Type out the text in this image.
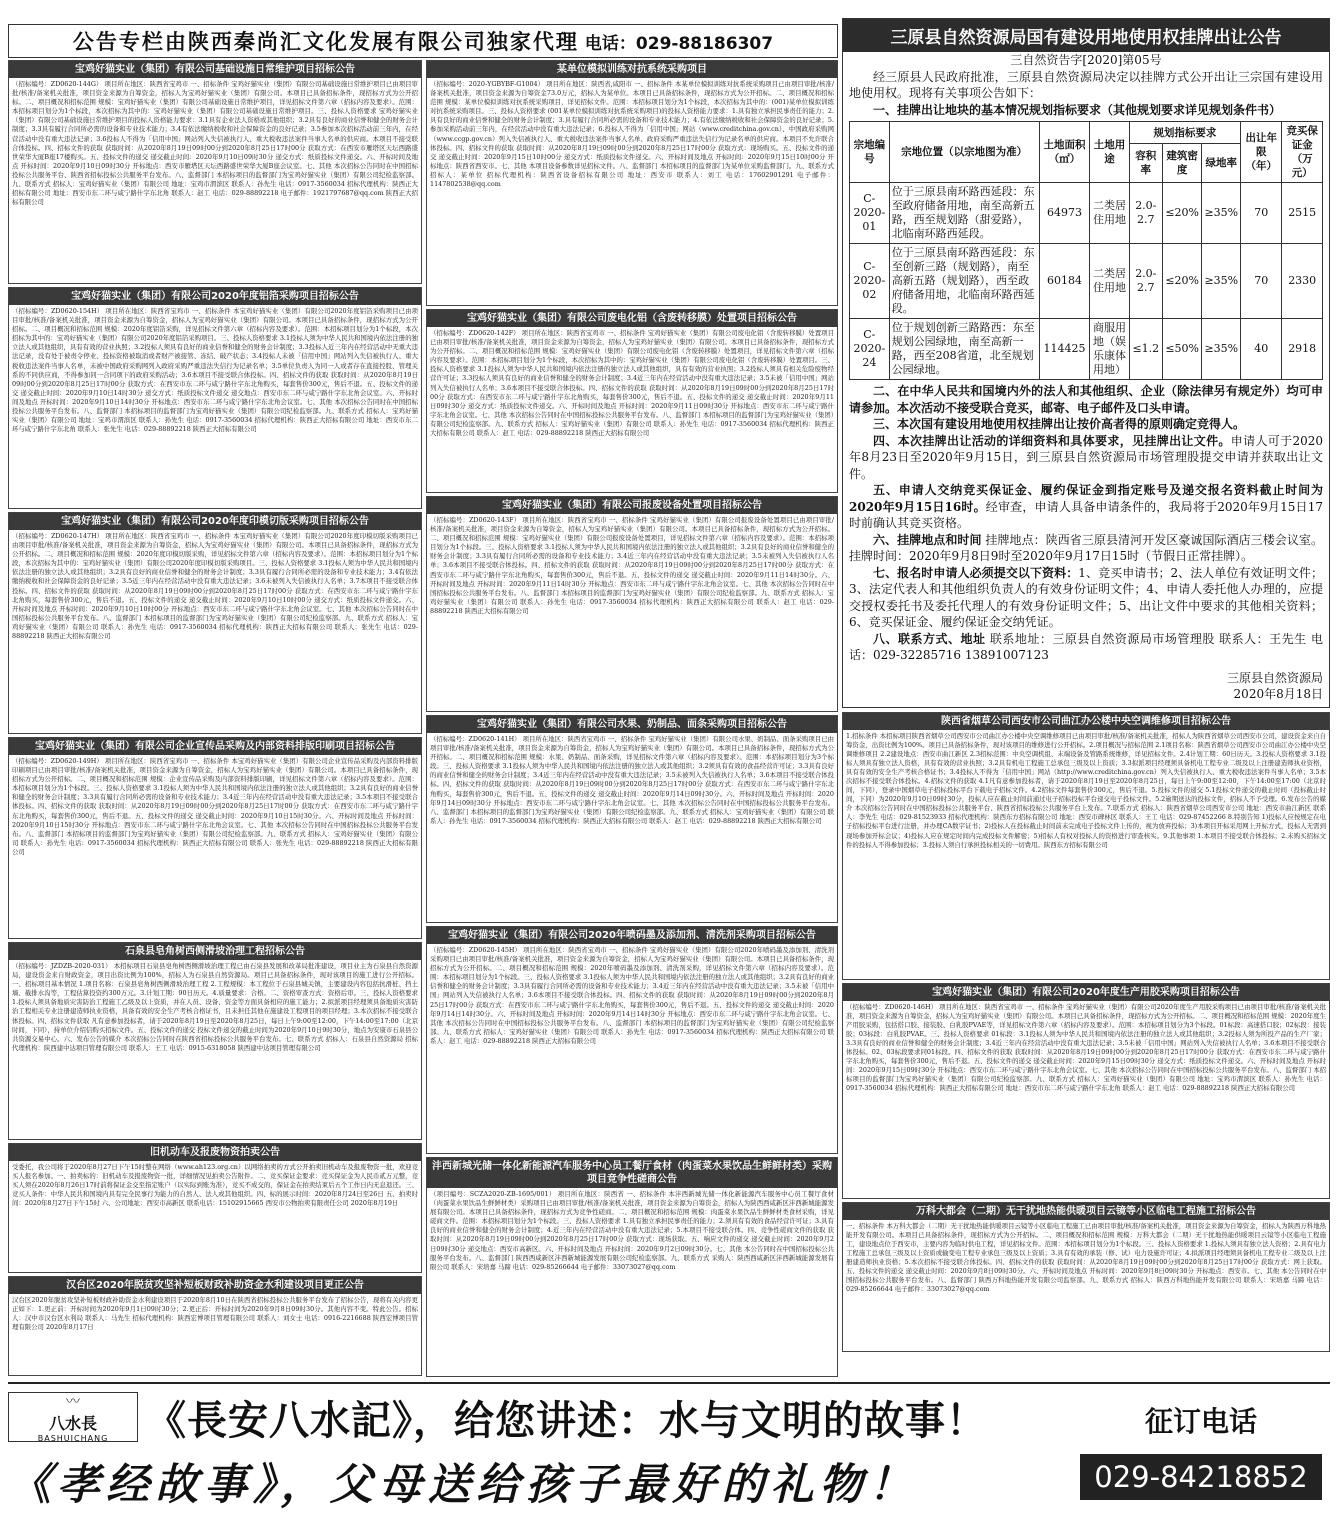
公告专栏由陕西秦尚汇文化发展有限公司独家代理 电话：029-88186307
宝鸡好猫实业（集团）有限公司基础设施日常维护项目招标公告
（招标编号：ZD0620-144G） 项目所在地区：陕西省宝鸡市 一、招标条件 宝鸡好猫实业（集团）有限公司基础设施日常维护项目已由项目审批/核准/备案机关批准，项目资金来源为自筹资金，招标人为宝鸡好猫实业（集团）有限公司。本项目已具备招标条件，现招标方式为公开招标。二、项目概况和招标范围 规模：宝鸡好猫实业（集团）有限公司基础设施日常维护项目，详见招标文件第六章（招标内容及要求）。范围：本招标项目划分为1个标段，本次招标为其中的：宝鸡好猫实业（集团）有限公司基础设施日常维护项目。三、投标人资格要求 宝鸡好猫实业（集团）有限公司基础设施日常维护项目的投标人资格能力要求：3.1具有企业法人资格或其他组织；3.2具有良好的商业信誉和健全的财务会计制度；3.3具有履行合同所必需的设备和专业技术能力；3.4有依法缴纳税收和社会保障资金的良好记录；3.5参加本次招标活动前三年内，在经营活动中没有重大违法记录；3.6投标人不得为「信用中国」网站列入失信被执行人、重大税收违法案件当事人名单的供应商。本项目不接受联合体投标。四、招标文件的获取 获取时间：从2020年8月19日09时00分到2020年8月25日17时00分 获取方式：在西安市雁塔区天坛西路盛世荣华大厦B座17楼购买。五、投标文件的递交 递交截止时间：2020年9月10日09时30分 递交方式：纸质投标文件递交。六、开标时间及地点 开标时间：2020年9月10日09时30分 开标地点：西安市雁塔区天坛西路盛世荣华大厦B座会议室。七、其他 本次招标公告同时在中国招标投标公共服务平台、陕西省招标投标公共服务平台发布。八、监督部门 本招标项目的监督部门为宝鸡好猫实业（集团）有限公司纪检监察部。九、联系方式 招标人：宝鸡好猫实业（集团）有限公司 地址：宝鸡市渭滨区 联系人：孙先生 电话：0917-3560034 招标代理机构：陕西正大招标有限公司 地址：西安市东二环与咸宁路什字东北角 联系人：赵工 电话：029-88892218 电子邮件：1921797687@qq.com 陕西正大招标有限公司
宝鸡好猫实业（集团）有限公司2020年度铝箔采购项目招标公告
（招标编号：ZD0620-154H） 项目所在地区：陕西省宝鸡市 一、招标条件 本宝鸡好猫实业（集团）有限公司2020年度铝箔采购项目已由项目审批/核准/备案机关批准，项目资金来源为自筹资金，招标人为宝鸡好猫实业（集团）有限公司。本项目已具备招标条件，现招标方式为公开招标。二、项目概况和招标范围 规模：2020年度铝箔采购，详见招标文件第六章（招标内容及要求）。范围：本招标项目划分为1个标段，本次招标为其中的：宝鸡好猫实业（集团）有限公司2020年度铝箔采购项目。三、投标人资格要求 3.1投标人须为中华人民共和国境内依法注册的独立法人或其他组织，具有有效的营业执照；3.2投标人须具有良好的商业信誉和健全的财务会计制度；3.3投标人近三年内在经营活动中无重大违法记录，没有处于被责令停业、投标资格被取消或者财产被接管、冻结、破产状态；3.4投标人未被「信用中国」网站列入失信被执行人、重大税收违法案件当事人名单，未被中国政府采购网列入政府采购严重违法失信行为记录名单；3.5单位负责人为同一人或者存在直接控股、管理关系的不同供应商，不得参加同一合同项下的政府采购活动；3.6本项目不接受联合体投标。四、招标文件的获取 获取时间：从2020年8月19日09时00分到2020年8月25日17时00分 获取方式：在西安市东二环与咸宁路什字东北角购买，每套售价300元，售后不退。五、投标文件的递交 递交截止时间：2020年9月10日14时30分 递交方式：纸质投标文件递交 递交地点：西安市东二环与咸宁路什字东北角会议室。六、开标时间及地点 开标时间：2020年9月10日14时30分 开标地点：西安市东二环与咸宁路什字东北角会议室。七、其他 本次招标公告同时在中国招标投标公共服务平台发布。八、监督部门 本招标项目的监督部门为宝鸡好猫实业（集团）有限公司纪检监察部。九、联系方式 招标人：宝鸡好猫实业（集团）有限公司 地址：宝鸡市渭滨区 联系人：孙先生 电话：0917-3560034 招标代理机构：陕西正大招标有限公司 地址：西安市东二环与咸宁路什字东北角 联系人：张先生 电话：029-88892218 陕西正大招标有限公司
宝鸡好猫实业（集团）有限公司2020年度印模切版采购项目招标公告
（招标编号：ZD0620-147H） 项目所在地区：陕西省宝鸡市 一、招标条件 本宝鸡好猫实业（集团）有限公司2020年度印模切版采购项目已由项目审批/核准/备案机关批准，项目资金来源为自筹资金，招标人为宝鸡好猫实业（集团）有限公司。本项目已具备招标条件，现招标方式为公开招标。二、项目概况和招标范围 规模：2020年度印模切版采购，详见招标文件第六章（招标内容及要求）。范围：本招标项目划分为1个标段，本次招标为其中的：宝鸡好猫实业（集团）有限公司2020年度印模切版采购项目。三、投标人资格要求 3.1投标人须为中华人民共和国境内依法注册的独立法人或其他组织；3.2具有良好的商业信誉和健全的财务会计制度；3.3具有履行合同所必需的设备和专业技术能力；3.4有依法缴纳税收和社会保障资金的良好记录；3.5近三年内在经营活动中没有重大违法记录；3.6未被列入失信被执行人名单；3.7本项目不接受联合体投标。四、招标文件的获取 获取时间：从2020年8月19日09时00分到2020年8月25日17时00分 获取方式：在西安市东二环与咸宁路什字东北角购买，每套售价300元，售后不退。五、投标文件的递交 递交截止时间：2020年9月10日10时00分 递交方式：纸质投标文件递交。六、开标时间及地点 开标时间：2020年9月10日10时00分 开标地点：西安市东二环与咸宁路什字东北角会议室。七、其他 本次招标公告同时在中国招标投标公共服务平台发布。八、监督部门 本招标项目的监督部门为宝鸡好猫实业（集团）有限公司纪检监察部。九、联系方式 招标人：宝鸡好猫实业（集团）有限公司 联系人：孙先生 电话：0917-3560034 招标代理机构：陕西正大招标有限公司 联系人：张先生 电话：029-88892218 陕西正大招标有限公司
宝鸡好猫实业（集团）有限公司企业宣传品采购及内部资料排版印刷项目招标公告
（招标编号：ZD0620-149H） 项目所在地区：陕西省宝鸡市 一、招标条件 本宝鸡好猫实业（集团）有限公司企业宣传品采购及内部资料排版印刷项目已由项目审批/核准/备案机关批准，项目资金来源为自筹资金，招标人为宝鸡好猫实业（集团）有限公司。本项目已具备招标条件，现招标方式为公开招标。二、项目概况和招标范围 规模：企业宣传品采购及内部资料排版印刷，详见招标文件第六章（招标内容及要求）。范围：本招标项目划分为1个标段。三、投标人资格要求 3.1投标人须为中华人民共和国境内依法注册的独立法人或其他组织；3.2具有良好的商业信誉和健全的财务会计制度；3.3具有履行合同所必需的设备和专业技术能力；3.4近三年内在经营活动中没有重大违法记录；3.5本项目不接受联合体投标。四、招标文件的获取 获取时间：从2020年8月19日09时00分到2020年8月25日17时00分 获取方式：在西安市东二环与咸宁路什字东北角购买，每套售价300元，售后不退。五、投标文件的递交 递交截止时间：2020年9月10日15时30分。六、开标时间及地点 开标时间：2020年9月10日15时30分 开标地点：西安市东二环与咸宁路什字东北角会议室。七、其他 本次招标公告同时在中国招标投标公共服务平台发布。八、监督部门 本招标项目的监督部门为宝鸡好猫实业（集团）有限公司纪检监察部。九、联系方式 招标人：宝鸡好猫实业（集团）有限公司 联系人：孙先生 电话：0917-3560034 招标代理机构：陕西正大招标有限公司 联系人：张先生 电话：029-88892218 陕西正大招标有限公司
石泉县皂角树西侧滑坡治理工程招标公告
（招标编号：JZDZB-2020-031） 本招标项目石泉县皂角树西侧滑坡治理工程已由石泉县发展和改革局批准建设，项目业主为石泉县自然资源局，建设资金来自财政资金，项目出资比例为100%，招标人为石泉县自然资源局。项目已具备招标条件，现对该项目的施工进行公开招标。一、招标项目基本情况 1.项目名称：石泉县皂角树西侧滑坡治理工程 2.工程规模：本工程位于石泉县城关镇，主要建设内容包括抗滑桩、挡土墙、截排水沟等，工程估算投资约300万元。3.计划工期：90日历天。4.质量要求：合格。二、资格审查方式：资格后审。三、投标人资格要求 1.投标人须具备地质灾害防治工程施工乙级及以上资质，并在人员、设备、资金等方面具备相应的施工能力；2.拟派项目经理须具备地质灾害防治工程相关专业注册建造师执业资格，具备有效的安全生产考核合格证书，且未担任其他在施建设工程项目的项目经理；3.本次招标不接受联合体投标。四、招标文件获取 凡有意参加投标者，请于2020年8月19日至2020年8月25日，每日上午9:00至12:00，下午14:00至17:00（北京时间，下同），持单位介绍信购买招标文件。五、投标文件的递交 投标文件递交的截止时间为2020年9月10日9时30分，地点为安康市石泉县公共资源交易中心。六、发布公告的媒介 本次招标公告同时在陕西省招标投标公共服务平台发布。七、联系方式 招标人：石泉县自然资源局 招标代理机构：陕西建中达项目管理有限公司 联系人：王工 电话：0915-6318058 陕西建中达项目管理有限公司
旧机动车及报废物资拍卖公告
受委托，我公司将于2020年8月27日下午15时整在网络（www.ah123.org.cn）以网络拍卖的方式公开拍卖旧机动车及报废物资一批，欢迎竞买人报名参加。一、拍卖标的：旧机动车及报废物资一批，详细情况见拍卖公告附件。二、竞买保证金要求：竞买保证金为人民币贰万元整，竞买人须在2020年8月26日17时前将保证金交至指定账户（以实际到账为准），竞买不成交的，保证金在拍卖结束后五个工作日内无息退还。三、竞买人条件：中华人民共和国境内具有完全民事行为能力的自然人、法人或其他组织。四、标的展示时间：2020年8月24日至26日 五、拍卖时间：2020年8月27日下午15时 六、公司地址：西安市高新区 联系电话：15102915665 西安市公物拍卖有限责任公司 2020年8月19日
汉台区2020年脱贫攻坚补短板财政补助资金水利建设项目更正公告
汉台区2020年脱贫攻坚补短板财政补助资金水利建设项目于2020年8月10日在陕西省招标投标公共服务平台发布了招标公告，现将有关内容更正如下：1.更正前：开标时间为2020年9月1日09时30分；2.更正后：开标时间为2020年9月8日09时30分。其他内容不变。特此公告。招标人：汉中市汉台区水利局 联系人：马先生 招标代理机构：陕西宏博项目管理有限公司 联系人：刘女士 电话：0916-2216688 陕西宏博项目管理有限公司 2020年8月17日
某单位模拟训练对抗系统采购项目
（招标编号：2020-YGBYBF-G1004） 项目所在地区：陕西省,咸阳市 一、招标条件 本某单位模拟训练对抗系统采购项目已由项目审批/核准/备案机关批准，项目资金来源为自筹资金73.0万元，招标人为某单位。本项目已具备招标条件，现招标方式为公开招标。二、项目概况和招标范围 规模：某单位模拟训练对抗系统采购项目，详见招标文件。范围：本招标项目划分为1个标段，本次招标为其中的：(001)某单位模拟训练对抗系统采购项目。三、投标人资格要求 (001某单位模拟训练对抗系统采购项目)的投标人资格能力要求：1.具有独立承担民事责任的能力；2.具有良好的商业信誉和健全的财务会计制度；3.具有履行合同所必需的设备和专业技术能力；4.有依法缴纳税收和社会保障资金的良好记录；5.参加采购活动前三年内，在经营活动中没有重大违法记录；6.投标人不得为「信用中国」网站（www.creditchina.gov.cn）、中国政府采购网（www.ccgp.gov.cn）列入失信被执行人、重大税收违法案件当事人名单、政府采购严重违法失信行为记录名单的供应商。本项目不允许联合体投标。四、招标文件的获取 获取时间：从2020年8月19日09时00分到2020年8月25日17时00分 获取方式：现场购买。五、投标文件的递交 递交截止时间：2020年9月15日10时00分 递交方式：纸质投标文件递交。六、开标时间及地点 开标时间：2020年9月15日10时00分 开标地点：陕西省西安市。七、其他 本项目设备参数详见招标文件。八、监督部门 本招标项目的监督部门为某单位采购监督部门。九、联系方式 招标人：某单位 招标代理机构：陕西省设备招标有限公司 地址：西安市 联系人：刘工 电话：17602901291 电子邮件：1147802538@qq.com
宝鸡好猫实业（集团）有限公司废电化铝（含废转移膜）处置项目招标公告
（招标编号：ZD0620-142F） 项目所在地区：陕西省宝鸡市 一、招标条件 宝鸡好猫实业（集团）有限公司废电化铝（含废转移膜）处置项目已由项目审批/核准/备案机关批准，项目资金来源为自筹资金，招标人为宝鸡好猫实业（集团）有限公司。本项目已具备招标条件，现招标方式为公开招标。二、项目概况和招标范围 规模：宝鸡好猫实业（集团）有限公司废电化铝（含废转移膜）处置项目，详见招标文件第六章（招标内容及要求）。范围：本招标项目划分为1个标段，本次招标为其中的：宝鸡好猫实业（集团）有限公司废电化铝（含废转移膜）处置项目。三、投标人资格要求 3.1投标人须为中华人民共和国境内依法注册的独立法人或其他组织，具有有效的营业执照；3.2投标人须具有相关危险废物经营许可证；3.3投标人须具有良好的商业信誉和健全的财务会计制度；3.4近三年内在经营活动中没有重大违法记录；3.5未被「信用中国」网站列入失信被执行人名单；3.6本项目不接受联合体投标。四、招标文件的获取 获取时间：从2020年8月19日09时00分到2020年8月25日17时00分 获取方式：在西安市东二环与咸宁路什字东北角购买，每套售价300元，售后不退。五、投标文件的递交 递交截止时间：2020年9月11日09时30分 递交方式：纸质投标文件递交。六、开标时间及地点 开标时间：2020年9月11日09时30分 开标地点：西安市东二环与咸宁路什字东北角会议室。七、其他 本次招标公告同时在中国招标投标公共服务平台发布。八、监督部门 本招标项目的监督部门为宝鸡好猫实业（集团）有限公司纪检监察部。九、联系方式 招标人：宝鸡好猫实业（集团）有限公司 联系人：孙先生 电话：0917-3560034 招标代理机构：陕西正大招标有限公司 联系人：赵工 电话：029-88892218 陕西正大招标有限公司
宝鸡好猫实业（集团）有限公司报废设备处置项目招标公告
（招标编号：ZD0620-143F） 项目所在地区：陕西省宝鸡市 一、招标条件 宝鸡好猫实业（集团）有限公司报废设备处置项目已由项目审批/核准/备案机关批准，项目资金来源为自筹资金，招标人为宝鸡好猫实业（集团）有限公司。本项目已具备招标条件，现招标方式为公开招标。二、项目概况和招标范围 规模：宝鸡好猫实业（集团）有限公司报废设备处置项目，详见招标文件第六章（招标内容及要求）。范围：本招标项目划分为1个标段。三、投标人资格要求 3.1投标人须为中华人民共和国境内依法注册的独立法人或其他组织；3.2具有良好的商业信誉和健全的财务会计制度；3.3具有履行合同所必需的设备和专业技术能力；3.4近三年内在经营活动中没有重大违法记录；3.5未被列入失信被执行人名单；3.6本项目不接受联合体投标。四、招标文件的获取 获取时间：从2020年8月19日09时00分到2020年8月25日17时00分 获取方式：在西安市东二环与咸宁路什字东北角购买，每套售价300元，售后不退。五、投标文件的递交 递交截止时间：2020年9月11日14时30分。六、开标时间及地点 开标时间：2020年9月11日14时30分 开标地点：西安市东二环与咸宁路什字东北角会议室。七、其他 本次招标公告同时在中国招标投标公共服务平台发布。八、监督部门 本招标项目的监督部门为宝鸡好猫实业（集团）有限公司纪检监察部。九、联系方式 招标人：宝鸡好猫实业（集团）有限公司 联系人：孙先生 电话：0917-3560034 招标代理机构：陕西正大招标有限公司 联系人：赵工 电话：029-88892218 陕西正大招标有限公司
宝鸡好猫实业（集团）有限公司水果、奶制品、面条采购项目招标公告
（招标编号：ZD0620-141H） 项目所在地区：陕西省宝鸡市 一、招标条件 宝鸡好猫实业（集团）有限公司水果、奶制品、面条采购项目已由项目审批/核准/备案机关批准，项目资金来源为自筹资金，招标人为宝鸡好猫实业（集团）有限公司。本项目已具备招标条件，现招标方式为公开招标。二、项目概况和招标范围 规模：水果、奶制品、面条采购，详见招标文件第六章（招标内容及要求）。范围：本招标项目划分为3个标段。三、投标人资格要求 3.1投标人须为中华人民共和国境内依法注册的独立法人或其他组织；3.2须具有有效的食品经营许可证；3.3具有良好的商业信誉和健全的财务会计制度；3.4近三年内在经营活动中没有重大违法记录；3.5未被列入失信被执行人名单；3.6本项目不接受联合体投标。四、招标文件的获取 获取时间：从2020年8月19日09时00分到2020年8月25日17时00分 获取方式：在西安市东二环与咸宁路什字东北角购买，每套售价300元，售后不退。五、投标文件的递交 递交截止时间：2020年9月14日09时30分。六、开标时间及地点 开标时间：2020年9月14日09时30分 开标地点：西安市东二环与咸宁路什字东北角会议室。七、其他 本次招标公告同时在中国招标投标公共服务平台发布。八、监督部门 本招标项目的监督部门为宝鸡好猫实业（集团）有限公司纪检监察部。九、联系方式 招标人：宝鸡好猫实业（集团）有限公司 联系人：孙先生 电话：0917-3560034 招标代理机构：陕西正大招标有限公司 联系人：赵工 电话：029-88892218 陕西正大招标有限公司
宝鸡好猫实业（集团）有限公司2020年喷码墨及添加剂、清洗剂采购项目招标公告
（招标编号：ZD0620-145H） 项目所在地区：陕西省宝鸡市 一、招标条件 宝鸡好猫实业（集团）有限公司2020年喷码墨及添加剂、清洗剂采购项目已由项目审批/核准/备案机关批准，项目资金来源为自筹资金，招标人为宝鸡好猫实业（集团）有限公司。本项目已具备招标条件，现招标方式为公开招标。二、项目概况和招标范围 规模：2020年喷码墨及添加剂、清洗剂采购，详见招标文件第六章（招标内容及要求）。范围：本招标项目划分为1个标段。三、投标人资格要求 3.1投标人须为中华人民共和国境内依法注册的独立法人或其他组织；3.2具有良好的商业信誉和健全的财务会计制度；3.3具有履行合同所必需的设备和专业技术能力；3.4近三年内在经营活动中没有重大违法记录；3.5未被「信用中国」网站列入失信被执行人名单；3.6本项目不接受联合体投标。四、招标文件的获取 获取时间：从2020年8月19日09时00分到2020年8月25日17时00分 获取方式：在西安市东二环与咸宁路什字东北角购买，每套售价300元，售后不退。五、投标文件的递交 递交截止时间：2020年9月14日14时30分。六、开标时间及地点 开标时间：2020年9月14日14时30分 开标地点：西安市东二环与咸宁路什字东北角会议室。七、其他 本次招标公告同时在中国招标投标公共服务平台发布。八、监督部门 本招标项目的监督部门为宝鸡好猫实业（集团）有限公司纪检监察部。九、联系方式 招标人：宝鸡好猫实业（集团）有限公司 联系人：孙先生 电话：0917-3560034 招标代理机构：陕西正大招标有限公司 联系人：赵工 电话：029-88892218 陕西正大招标有限公司
沣西新城光储一体化新能源汽车服务中心员工餐厅食材（肉蛋菜水果饮品生鲜鲜材类）采购项目竞争性磋商公告
（项目编号：SCZA2020-ZB-1695/001） 项目所在地区：陕西省 一、招标条件 本沣西新城光储一体化新能源汽车服务中心员工餐厅食材（肉蛋菜水果饮品生鲜鲜材类）采购项目已由项目审批/核准/备案机关批准，项目资金来源为自筹资金，招标人为陕西西咸新区沣西新城能源发展有限公司。本项目已具备招标条件，现招标方式为竞争性磋商。二、项目概况和招标范围 规模：肉蛋菜水果饮品生鲜鲜材类食材采购，详见磋商文件。范围：本招标项目划分为1个标段。三、投标人资格要求 1.具有独立承担民事责任的能力；2.须具有有效的食品经营许可证；3.具有良好的商业信誉和健全的财务会计制度；4.近三年内在经营活动中没有重大违法记录；5.本项目不接受联合体。四、竞争性磋商文件的获取 获取时间：从2020年8月19日09时00分到2020年8月25日17时00分 获取方式：现场获取。五、响应文件的递交 递交截止时间：2020年9月2日09时30分 递交地点：西安市高新区。六、开标时间及地点 开标时间：2020年9月2日09时30分。七、其他 本公告同时在中国招标投标公共服务平台发布。八、监督部门 陕西西咸新区沣西新城能源发展有限公司纪检监察部。九、联系方式 采购人：陕西西咸新区沣西新城能源发展有限公司 联系人：宋培嘉 马蹄 电话：029-85266644 电子邮件：33073027@qq.com
三原县自然资源局国有建设用地使用权挂牌出让公告

三自然资告字[2020]第05号

经三原县人民政府批准，三原县自然资源局决定以挂牌方式公开出让三宗国有建设用地使用权。现将有关事项公告如下：

一、挂牌出让地块的基本情况规划指标要求（其他规划要求详见规划条件书）

宗地编号	宗地位置（以宗地图为准）	土地面积（㎡）	土地用途	规划指标要求			出让年限（年）	竞买保证金（万元）
				容积率	建筑密度	绿地率		
C-2020-01	位于三原县南环路西延段：东至政府储备用地，南至高新五路，西至规划路（甜爱路），北临南环路西延段。	64973	二类居住用地	2.0-2.7	≤20%	≥35%	70	2515
C-2020-02	位于三原县南环路西延段：东至创新三路（规划路），南至高新五路（规划路），西至政府储备用地，北临南环路西延段。	60184	二类居住用地	2.0-2.7	≤20%	≥35%	70	2330
C-2020-24	位于规划创新三路路西：东至规划公园绿地，南至高新一路，西至208省道，北至规划公园绿地。	114425	商服用地（娱乐康体用地）	≤1.2	≤50%	≥35%	40	2918

二、在中华人民共和国境内外的法人和其他组织、企业（除法律另有规定外）均可申请参加。本次活动不接受联合竞买，邮寄、电子邮件及口头申请。

三、本次国有建设用地使用权挂牌出让按价高者得的原则确定竞得人。

四、本次挂牌出让活动的详细资料和具体要求，见挂牌出让文件。申请人可于2020年8月23日至2020年9月15日，到三原县自然资源局市场管理股提交申请并获取出让文件。

五、申请人交纳竞买保证金、履约保证金到指定账号及递交报名资料截止时间为2020年9月15日16时。经审查，申请人具备申请条件的，我局将于2020年9月15日17时前确认其竞买资格。

六、挂牌地点和时间 挂牌地点：陕西省三原县清河开发区豪诚国际酒店三楼会议室。挂牌时间：2020年9月8日9时至2020年9月17日15时（节假日正常挂牌）。

七、报名时申请人必须提交以下资料：1、竞买申请书；2、法人单位有效证明文件；3、法定代表人和其他组织负责人的有效身份证明文件；4、申请人委托他人办理的，应提交授权委托书及委托代理人的有效身份证明文件；5、出让文件中要求的其他相关资料；6、竞买保证金、履约保证金交纳凭证。

八、联系方式、地址 联系地址：三原县自然资源局市场管理股 联系人：王先生 电话：029-32285716 13891007123

三原县自然资源局

2020年8月18日

陕西省烟草公司西安市公司曲江办公楼中央空调维修项目招标公告
1.招标条件 本招标项目陕西省烟草公司西安市公司曲江办公楼中央空调维修项目已由项目审批/核准/备案机关批准，招标人为陕西省烟草公司西安市公司，建设资金来自自筹资金，出资比例为100%。项目已具备招标条件，现对该项目的维修进行公开招标。2.项目概况与招标范围 2.1项目名称：陕西省烟草公司西安市公司曲江办公楼中央空调维修项目 2.2建设地点：西安市曲江新区 2.3招标范围：中央空调机组、末端设备及管路系统维修，详见招标文件。2.4计划工期：60日历天。3.投标人资格要求 3.1投标人须具有独立法人资格，具有有效的营业执照；3.2具有机电工程施工总承包三级及以上资质；3.3拟派项目经理须具备机电工程专业二级及以上注册建造师执业资格，具有有效的安全生产考核合格证书；3.4投标人不得为「信用中国」网站（http://www.creditchina.gov.cn）列入失信被执行人、重大税收违法案件当事人名单；3.5本次招标不接受联合体投标。4.招标文件的获取 4.1凡有意参加投标者，请于2020年8月19日至2020年8月25日，每日上午9:00至12:00，下午14:00至17:00（北京时间，下同），登录中国烟草电子招标投标平台下载电子招标文件。4.2招标文件每套售价300元，售后不退。5.投标文件的递交 5.1投标文件递交的截止时间（投标截止时间，下同）为2020年9月10日09时30分，投标人应在截止时间前通过电子招标投标平台递交电子投标文件。5.2逾期送达的投标文件，招标人不予受理。6.发布公告的媒介 本次招标公告同时在中国招标投标公共服务平台、陕西省招标投标公共服务平台上发布。7.联系方式 招标人：陕西省烟草公司西安市公司 地址：西安市曲江新区 联系人：李先生 电话：029-81523933 招标代理机构：陕西东方招标有限公司 地址：西安市碑林区 联系人：王工 电话：029-87452266 8.特别告知 1)投标人应按规定在电子招标投标平台进行注册，并办理CA数字证书；2)投标人在投标截止时间前未完成电子投标文件上传的，视为放弃投标；3)本项目开标采用网上开标方式，投标人无需到现场参加开标会议；4)投标人应在规定时间内完成投标文件解密；5)招标人有权对投标人的资格进行审查核实。9.其他事项 1.本项目不接受联合体投标；2.未购买招标文件的投标人不得参加投标；3.投标人须自行承担投标相关的一切费用。陕西东方招标有限公司
宝鸡好猫实业（集团）有限公司2020年度生产用胶采购项目招标公告
（招标编号：ZD0620-146H） 项目所在地区：陕西省宝鸡市 一、招标条件 宝鸡好猫实业（集团）有限公司2020年度生产用胶采购项目已由项目审批/核准/备案机关批准，项目资金来源为自筹资金，招标人为宝鸡好猫实业（集团）有限公司。本项目已具备招标条件，现招标方式为公开招标。二、项目概况和招标范围 规模：2020年度生产用胶采购，包括搭口胶、接装胶、白乳胶PVAE等，详见招标文件第六章（招标内容及要求）。范围：本招标项目划分为3个标段。01标段：高速搭口胶；02标段：接装胶；03标段：白乳胶PVAE。三、投标人资格要求 01标段：3.1投标人须为中华人民共和国境内依法注册的独立法人或其他组织；3.2投标人须为所投产品的生产厂家；3.3具有良好的商业信誉和健全的财务会计制度；3.4近三年内在经营活动中没有重大违法记录；3.5未被「信用中国」网站列入失信被执行人名单；3.6本项目不接受联合体投标。02、03标段要求同01标段。四、招标文件的获取 获取时间：从2020年8月19日09时00分到2020年8月25日17时00分 获取方式：在西安市东二环与咸宁路什字东北角购买，每套售价300元，售后不退。五、投标文件的递交 递交截止时间：2020年9月15日09时30分 递交方式：纸质投标文件递交。六、开标时间及地点 开标时间：2020年9月15日09时30分 开标地点：西安市东二环与咸宁路什字东北角会议室。七、其他 本次招标公告同时在中国招标投标公共服务平台发布。八、监督部门 本招标项目的监督部门为宝鸡好猫实业（集团）有限公司纪检监察部。九、联系方式 招标人：宝鸡好猫实业（集团）有限公司 地址：宝鸡市渭滨区 联系人：孙先生 电话：0917-3560034 招标代理机构：陕西正大招标有限公司 地址：西安市东二环与咸宁路什字东北角 联系人：赵工 电话：029-88892218 陕西正大招标有限公司
万科大都会（二期）无干扰地热能供暖项目云镜等小区临电工程施工招标公告
一、招标条件 本万科大都会（二期）无干扰地热能供暖项目云镜等小区临电工程施工已由项目审批/核准/备案机关批准，项目资金来源为自筹资金，招标人为陕西万科地热能开发有限公司。本项目已具备招标条件，现招标方式为公开招标。二、项目概况和招标范围 规模：万科大都会（二期）无干扰地热能供暖项目云镜等小区临电工程施工，建设地点位于西安市，主要内容为临时供电工程，详见招标文件。范围：本招标项目划分为1个标段。三、投标人资格要求 1.投标人须具有独立法人资格；2.具有电力工程施工总承包三级及以上资质或输变电工程专业承包三级及以上资质；3.具有有效的承装（修、试）电力设施许可证；4.拟派项目经理须具备机电工程专业二级及以上注册建造师执业资格；5.本次招标不接受联合体投标。四、招标文件的获取 获取时间：从2020年8月19日09时00分到2020年8月25日17时00分 获取方式：网上获取。五、投标文件的递交 递交截止时间：2020年9月8日09时30分。六、开标时间及地点 开标时间：2020年9月8日09时30分 开标地点：西安市。七、其他 本公告同时在中国招标投标公共服务平台发布。八、监督部门 陕西万科地热能开发有限公司监察部。九、联系方式 招标人：陕西万科地热能开发有限公司 联系人：宋培嘉 马蹄 电话：029-85266644 电子邮件：33073027@qq.com
〰
八水長
BASHUICHANG 《長安八水記》，给您讲述：水与文明的故事！
《孝经故事》，父母送给孩子最好的礼物！
征订电话
029-84218852
